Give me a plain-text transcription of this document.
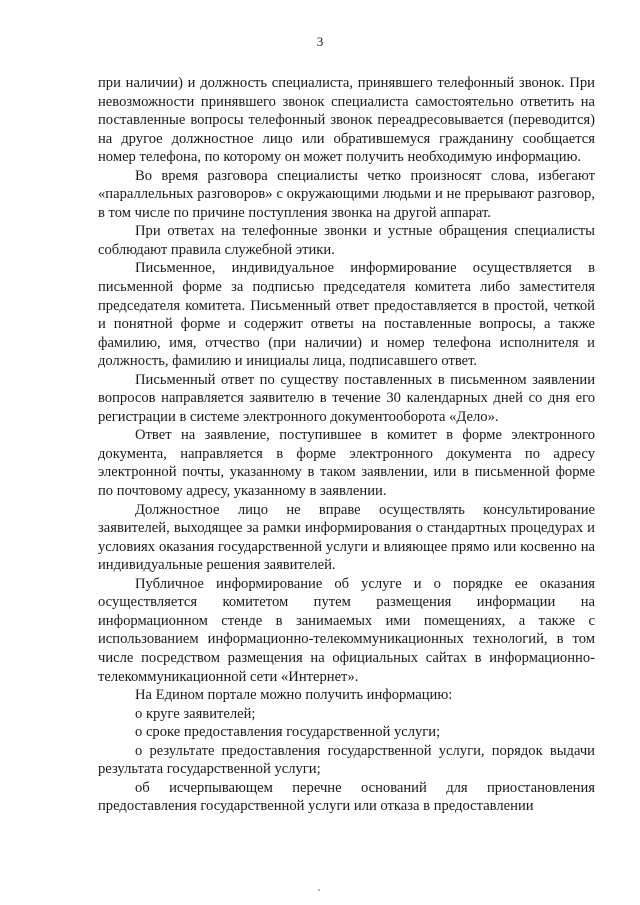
3

при наличии) и должность специалиста, принявшего телефонный звонок. При невозможности принявшего звонок специалиста самостоятельно ответить на поставленные вопросы телефонный звонок переадресовывается (переводится) на другое должностное лицо или обратившемуся гражданину сообщается номер телефона, по которому он может получить необходимую информацию.

Во время разговора специалисты четко произносят слова, избегают «параллельных разговоров» с окружающими людьми и не прерывают разговор, в том числе по причине поступления звонка на другой аппарат.

При ответах на телефонные звонки и устные обращения специалисты соблюдают правила служебной этики.

Письменное, индивидуальное информирование осуществляется в письменной форме за подписью председателя комитета либо заместителя председателя комитета. Письменный ответ предоставляется в простой, четкой и понятной форме и содержит ответы на поставленные вопросы, а также фамилию, имя, отчество (при наличии) и номер телефона исполнителя и должность, фамилию и инициалы лица, подписавшего ответ.

Письменный ответ по существу поставленных в письменном заявлении вопросов направляется заявителю в течение 30 календарных дней со дня его регистрации в системе электронного документооборота «Дело».

Ответ на заявление, поступившее в комитет в форме электронного документа, направляется в форме электронного документа по адресу электронной почты, указанному в таком заявлении, или в письменной форме по почтовому адресу, указанному в заявлении.

Должностное лицо не вправе осуществлять консультирование заявителей, выходящее за рамки информирования о стандартных процедурах и условиях оказания государственной услуги и влияющее прямо или косвенно на индивидуальные решения заявителей.

Публичное информирование об услуге и о порядке ее оказания осуществляется комитетом путем размещения информации на информационном стенде в занимаемых ими помещениях, а также с использованием информационно-телекоммуникационных технологий, в том числе посредством размещения на официальных сайтах в информационно-телекоммуникационной сети «Интернет».

На Едином портале можно получить информацию:

о круге заявителей;

о сроке предоставления государственной услуги;

о результате предоставления государственной услуги, порядок выдачи результата государственной услуги;

об исчерпывающем перечне оснований для приостановления предоставления государственной услуги или отказа в предоставлении
